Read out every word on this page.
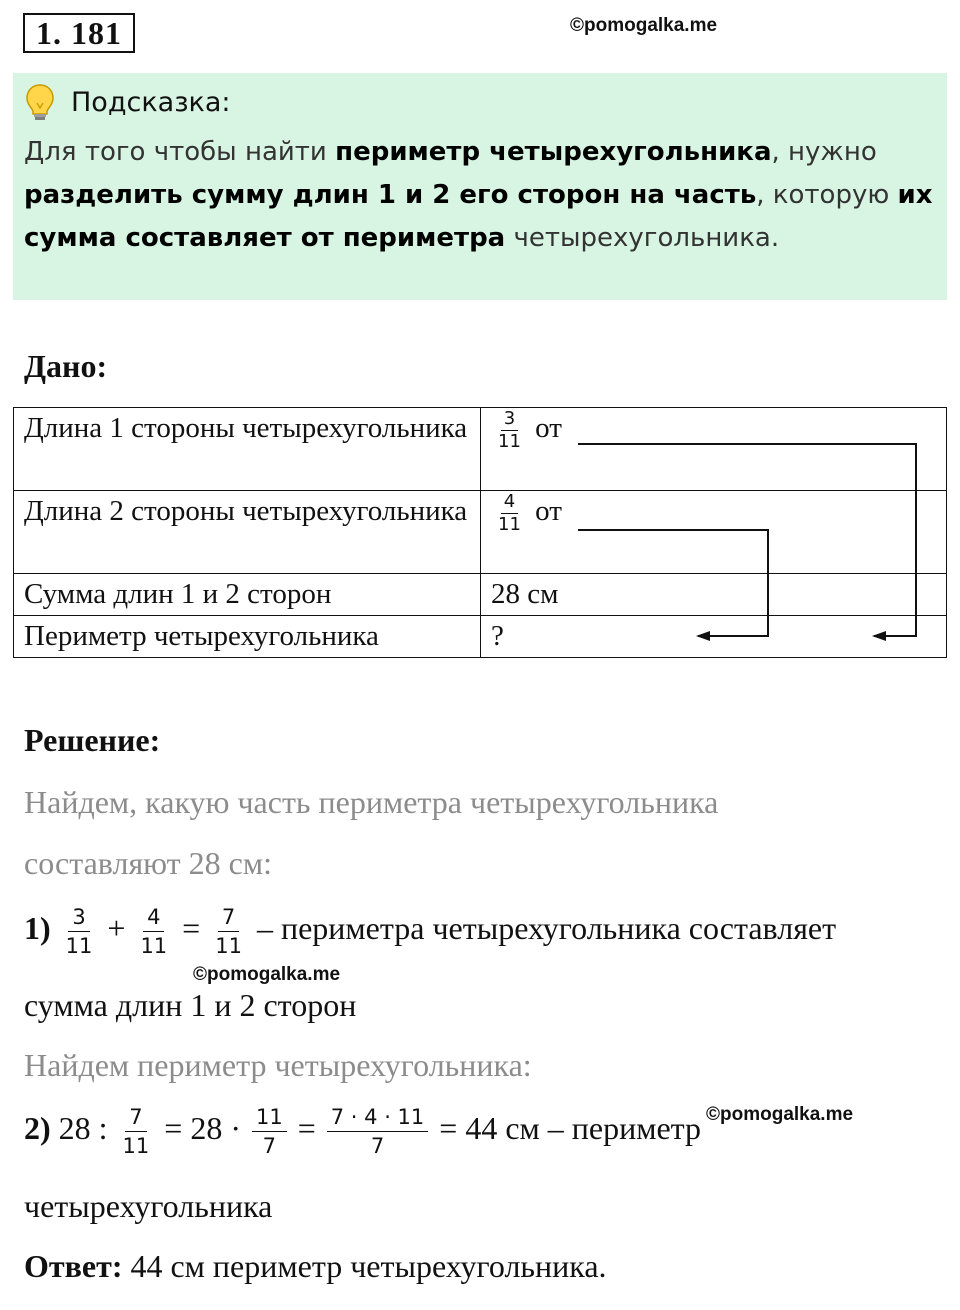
1. 181	©pomogalka.me
Подсказка:
Для того чтобы найти периметр четырехугольника, нужно разделить сумму длин 1 и 2 его сторон на часть, которую их сумма составляет от периметра четырехугольника.
Дано:
Длина 1 стороны четырехугольника	$\frac{3}{11}$ от
Длина 2 стороны четырехугольника	$\frac{4}{11}$ от
Сумма длин 1 и 2 сторон	28 см
Периметр четырехугольника	?
Решение:
Найдем, какую часть периметра четырехугольника
составляют 28 см:
$1) \frac{3}{11} + \frac{4}{11} = \frac{7}{11}$ – периметра четырехугольника составляет
©pomogalka.me
сумма длин 1 и 2 сторон
Найдем периметр четырехугольника:
2) 28 : $\frac{7}{11} = 28 \cdot \frac{11}{7} = \frac{7 \cdot 4 \cdot 11}{7} = 44$ см – периметр ©pomogalka.me
четырехугольника
Ответ: 44 см периметр четырехугольника.
